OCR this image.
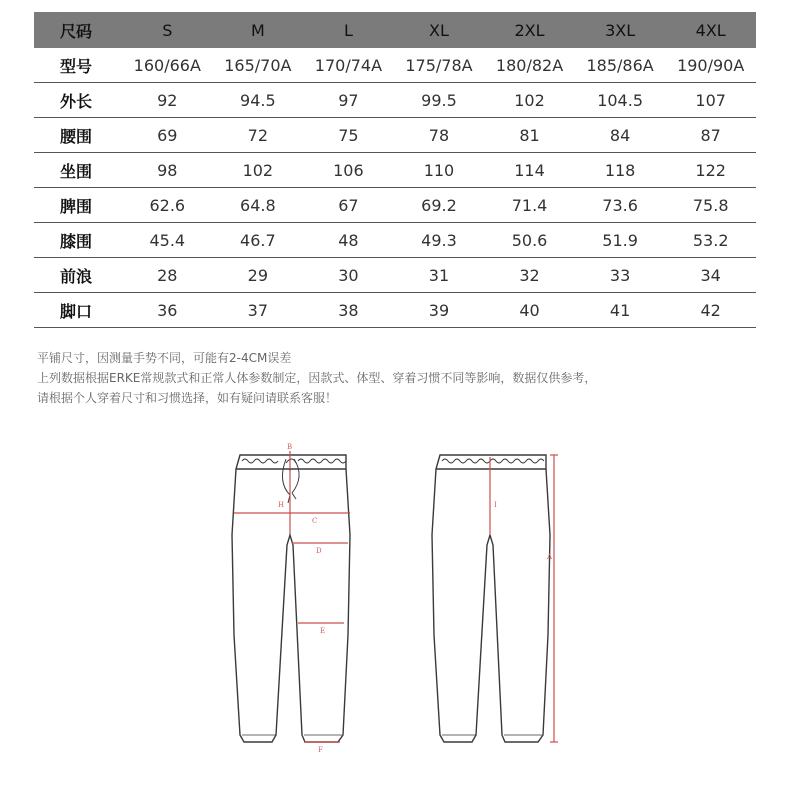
尺码	S	M	L	XL	2XL	3XL	4XL
型号	160/66A	165/70A	170/74A	175/78A	180/82A	185/86A	190/90A
外长	92	94.5	97	99.5	102	104.5	107
腰围	69	72	75	78	81	84	87
坐围	98	102	106	110	114	118	122
脾围	62.6	64.8	67	69.2	71.4	73.6	75.8
膝围	45.4	46.7	48	49.3	50.6	51.9	53.2
前浪	28	29	30	31	32	33	34
脚口	36	37	38	39	40	41	42
平铺尺寸，因测量手势不同，可能有2-4CM误差
上列数据根据ERKE常规款式和正常人体参数制定，因款式、体型、穿着习惯不同等影响，数据仅供参考，
请根据个人穿着尺寸和习惯选择，如有疑问请联系客服！
B
H
C
D
E
F
I
A
